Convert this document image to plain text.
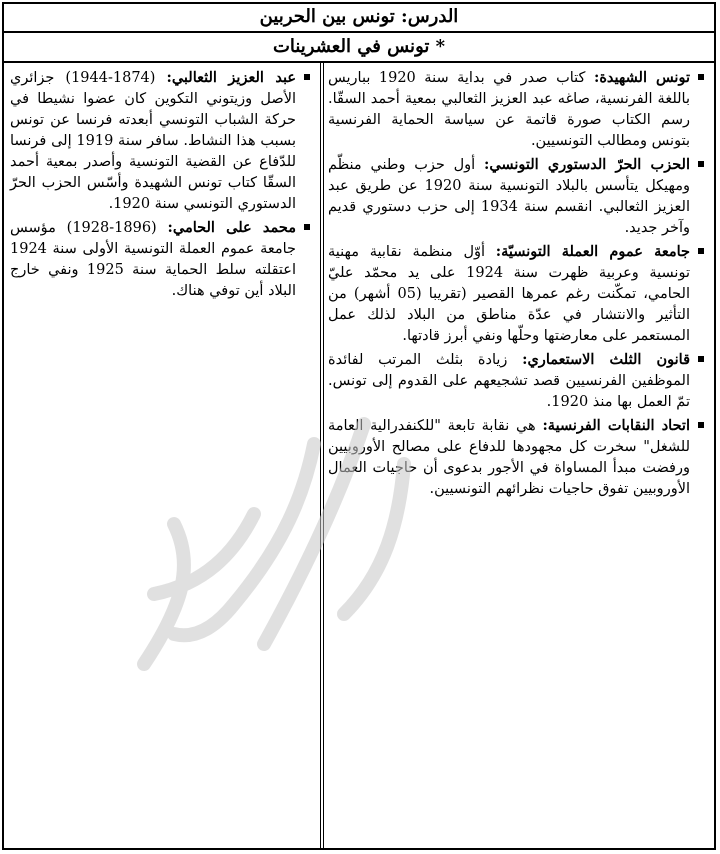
الدرس: تونس بين الحربين
* تونس في العشرينات
تونس الشهيدة: كتاب صدر في بداية سنة 1920 بباريس باللغة الفرنسية، صاغه عبد العزيز الثعالبي بمعية أحمد السقّا. رسم الكتاب صورة قاتمة عن سياسة الحماية الفرنسية بتونس ومطالب التونسيين.
الحزب الحرّ الدستوري التونسي: أول حزب وطني منظّم ومهيكل يتأسس بالبلاد التونسية سنة 1920 عن طريق عبد العزيز الثعالبي. انقسم سنة 1934 إلى حزب دستوري قديم وآخر جديد.
جامعة عموم العملة التونسيّة: أوّل منظمة نقابية مهنية تونسية وعربية ظهرت سنة 1924 على يد محمّد عليّ الحامي، تمكّنت رغم عمرها القصير (تقريبا (05 أشهر) من التأثير والانتشار في عدّة مناطق من البلاد لذلك عمل المستعمر على معارضتها وحلّها ونفي أبرز قادتها.
قانون الثلث الاستعماري: زيادة بثلث المرتب لفائدة الموظفين الفرنسيين قصد تشجيعهم على القدوم إلى تونس. تمّ العمل بها منذ 1920.
اتحاد النقابات الفرنسية: هي نقابة تابعة "للكنفدرالية العامة للشغل" سخرت كل مجهودها للدفاع على مصالح الأوروبيين ورفضت مبدأ المساواة في الأجور بدعوى أن حاجيات العمال الأوروبيين تفوق حاجيات نظرائهم التونسيين.
عبد العزيز الثعالبي: (1874-1944) جزائري الأصل وزيتوني التكوين كان عضوا نشيطا في حركة الشباب التونسي أبعدته فرنسا عن تونس بسبب هذا النشاط. سافر سنة 1919 إلى فرنسا للدّفاع عن القضية التونسية وأصدر بمعية أحمد السقّا كتاب تونس الشهيدة وأسّس الحزب الحرّ الدستوري التونسي سنة 1920.
محمد على الحامي: (1896-1928) مؤسس جامعة عموم العملة التونسية الأولى سنة 1924 اعتقلته سلط الحماية سنة 1925 ونفي خارج البلاد أين توفي هناك.
